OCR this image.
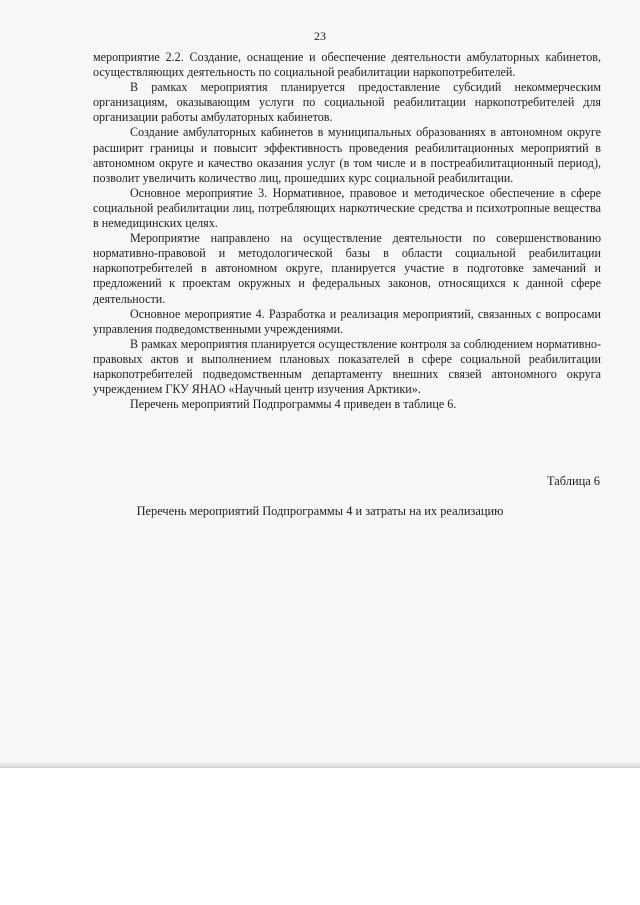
23

мероприятие 2.2. Создание, оснащение и обеспечение деятельности амбулаторных кабинетов, осуществляющих деятельность по социальной реабилитации наркопотребителей.

В рамках мероприятия планируется предоставление субсидий некоммерческим организациям, оказывающим услуги по социальной реабилитации наркопотребителей для организации работы амбулаторных кабинетов.

Создание амбулаторных кабинетов в муниципальных образованиях в автономном округе расширит границы и повысит эффективность проведения реабилитационных мероприятий в автономном округе и качество оказания услуг (в том числе и в постреабилитационный период), позволит увеличить количество лиц, прошедших курс социальной реабилитации.

Основное мероприятие 3. Нормативное, правовое и методическое обеспечение в сфере социальной реабилитации лиц, потребляющих наркотические средства и психотропные вещества в немедицинских целях.

Мероприятие направлено на осуществление деятельности по совершенствованию нормативно-правовой и методологической базы в области социальной реабилитации наркопотребителей в автономном округе, планируется участие в подготовке замечаний и предложений к проектам окружных и федеральных законов, относящихся к данной сфере деятельности.

Основное мероприятие 4. Разработка и реализация мероприятий, связанных с вопросами управления подведомственными учреждениями.

В рамках мероприятия планируется осуществление контроля за соблюдением нормативно-правовых актов и выполнением плановых показателей в сфере социальной реабилитации наркопотребителей подведомственным департаменту внешних связей автономного округа учреждением ГКУ ЯНАО «Научный центр изучения Арктики».

Перечень мероприятий Подпрограммы 4 приведен в таблице 6.

Таблица 6
Перечень мероприятий Подпрограммы 4 и затраты на их реализацию
